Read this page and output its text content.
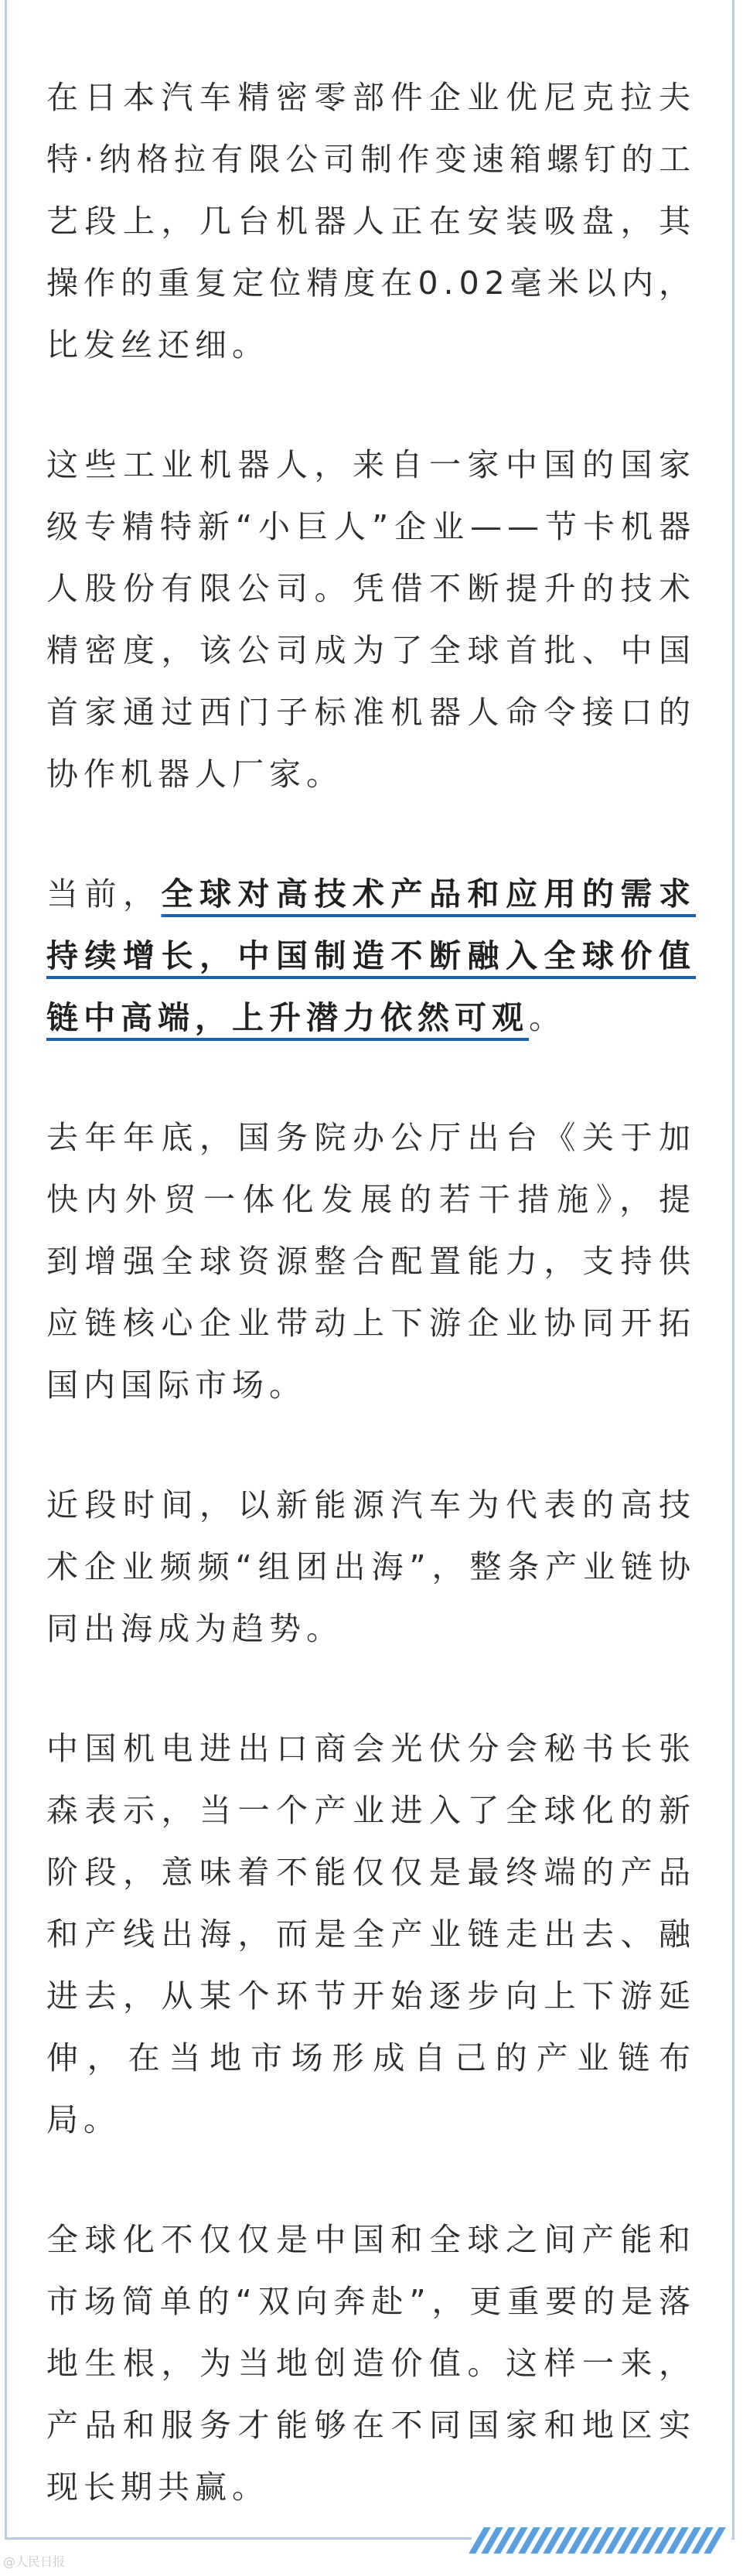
在日本汽车精密零部件企业优尼克拉夫特·纳格拉有限公司制作变速箱螺钉的工艺段上，几台机器人正在安装吸盘，其操作的重复定位精度在0.02毫米以内，比发丝还细。

这些工业机器人，来自一家中国的国家级专精特新“小巨人”企业——节卡机器人股份有限公司。凭借不断提升的技术精密度，该公司成为了全球首批、中国首家通过西门子标准机器人命令接口的协作机器人厂家。

当前，全球对高技术产品和应用的需求持续增长，中国制造不断融入全球价值链中高端，上升潜力依然可观。

去年年底，国务院办公厅出台《关于加快内外贸一体化发展的若干措施》，提到增强全球资源整合配置能力，支持供应链核心企业带动上下游企业协同开拓国内国际市场。

近段时间，以新能源汽车为代表的高技术企业频频“组团出海”，整条产业链协同出海成为趋势。

中国机电进出口商会光伏分会秘书长张森表示，当一个产业进入了全球化的新阶段，意味着不能仅仅是最终端的产品和产线出海，而是全产业链走出去、融进去，从某个环节开始逐步向上下游延伸，在当地市场形成自己的产业链布局。

全球化不仅仅是中国和全球之间产能和市场简单的“双向奔赴”，更重要的是落地生根，为当地创造价值。这样一来，产品和服务才能够在不同国家和地区实现长期共赢。

@人民日报
